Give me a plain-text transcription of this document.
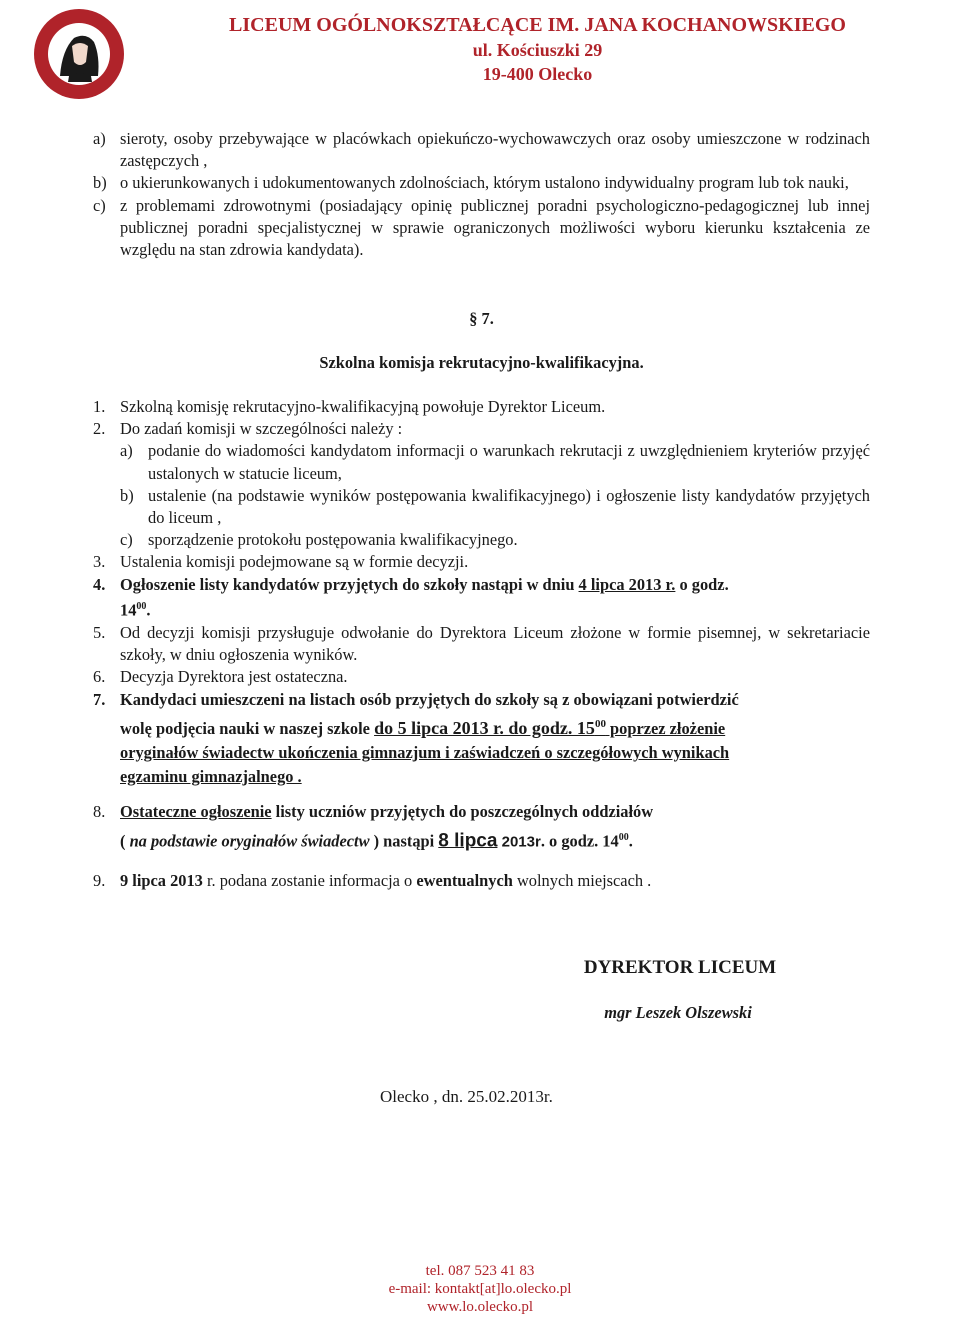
LICEUM OGÓLNOKSZTAŁCĄCE IM. JANA KOCHANOWSKIEGO
ul. Kościuszki 29
19-400 Olecko
a) sieroty, osoby przebywające w placówkach opiekuńczo-wychowawczych oraz osoby umieszczone w rodzinach zastępczych ,
b) o ukierunkowanych i udokumentowanych zdolnościach, którym ustalono indywidualny program lub tok nauki,
c) z problemami zdrowotnymi (posiadający opinię publicznej poradni psychologiczno-pedagogicznej lub innej publicznej poradni specjalistycznej w sprawie ograniczonych możliwości wyboru kierunku kształcenia ze względu na stan zdrowia kandydata).
§ 7.
Szkolna komisja rekrutacyjno-kwalifikacyjna.
1. Szkolną komisję rekrutacyjno-kwalifikacyjną powołuje Dyrektor Liceum.
2. Do zadań komisji w szczególności należy :
a) podanie do wiadomości kandydatom informacji o warunkach rekrutacji z uwzględnieniem kryteriów przyjęć ustalonych w statucie liceum,
b) ustalenie (na podstawie wyników postępowania kwalifikacyjnego) i ogłoszenie listy kandydatów przyjętych do liceum ,
c) sporządzenie protokołu postępowania kwalifikacyjnego.
3. Ustalenia komisji podejmowane są w formie decyzji.
4. Ogłoszenie listy kandydatów przyjętych do szkoły nastąpi w dniu 4 lipca 2013 r. o godz.
$14^{00}$.
5. Od decyzji komisji przysługuje odwołanie do Dyrektora Liceum złożone w formie pisemnej, w sekretariacie szkoły, w dniu ogłoszenia wyników.
6. Decyzja Dyrektora jest ostateczna.
7. Kandydaci umieszczeni na listach osób przyjętych do szkoły są z obowiązani potwierdzić
wolę podjęcia nauki w naszej szkole do 5 lipca 2013 r. do godz. $15^{00}$ poprzez złożenie
oryginałów świadectw ukończenia gimnazjum i zaświadczeń o szczegółowych wynikach
egzaminu gimnazjalnego .
8. Ostateczne ogłoszenie listy uczniów przyjętych do poszczególnych oddziałów
( na podstawie oryginałów świadectw ) nastąpi 8 lipca 2013r. o godz. $14^{00}$.
9. 9 lipca 2013 r. podana zostanie informacja o ewentualnych wolnych miejscach .
DYREKTOR LICEUM
mgr Leszek Olszewski
Olecko , dn. 25.02.2013r.
tel. 087 523 41 83
e-mail: kontakt[at]lo.olecko.pl
www.lo.olecko.pl
